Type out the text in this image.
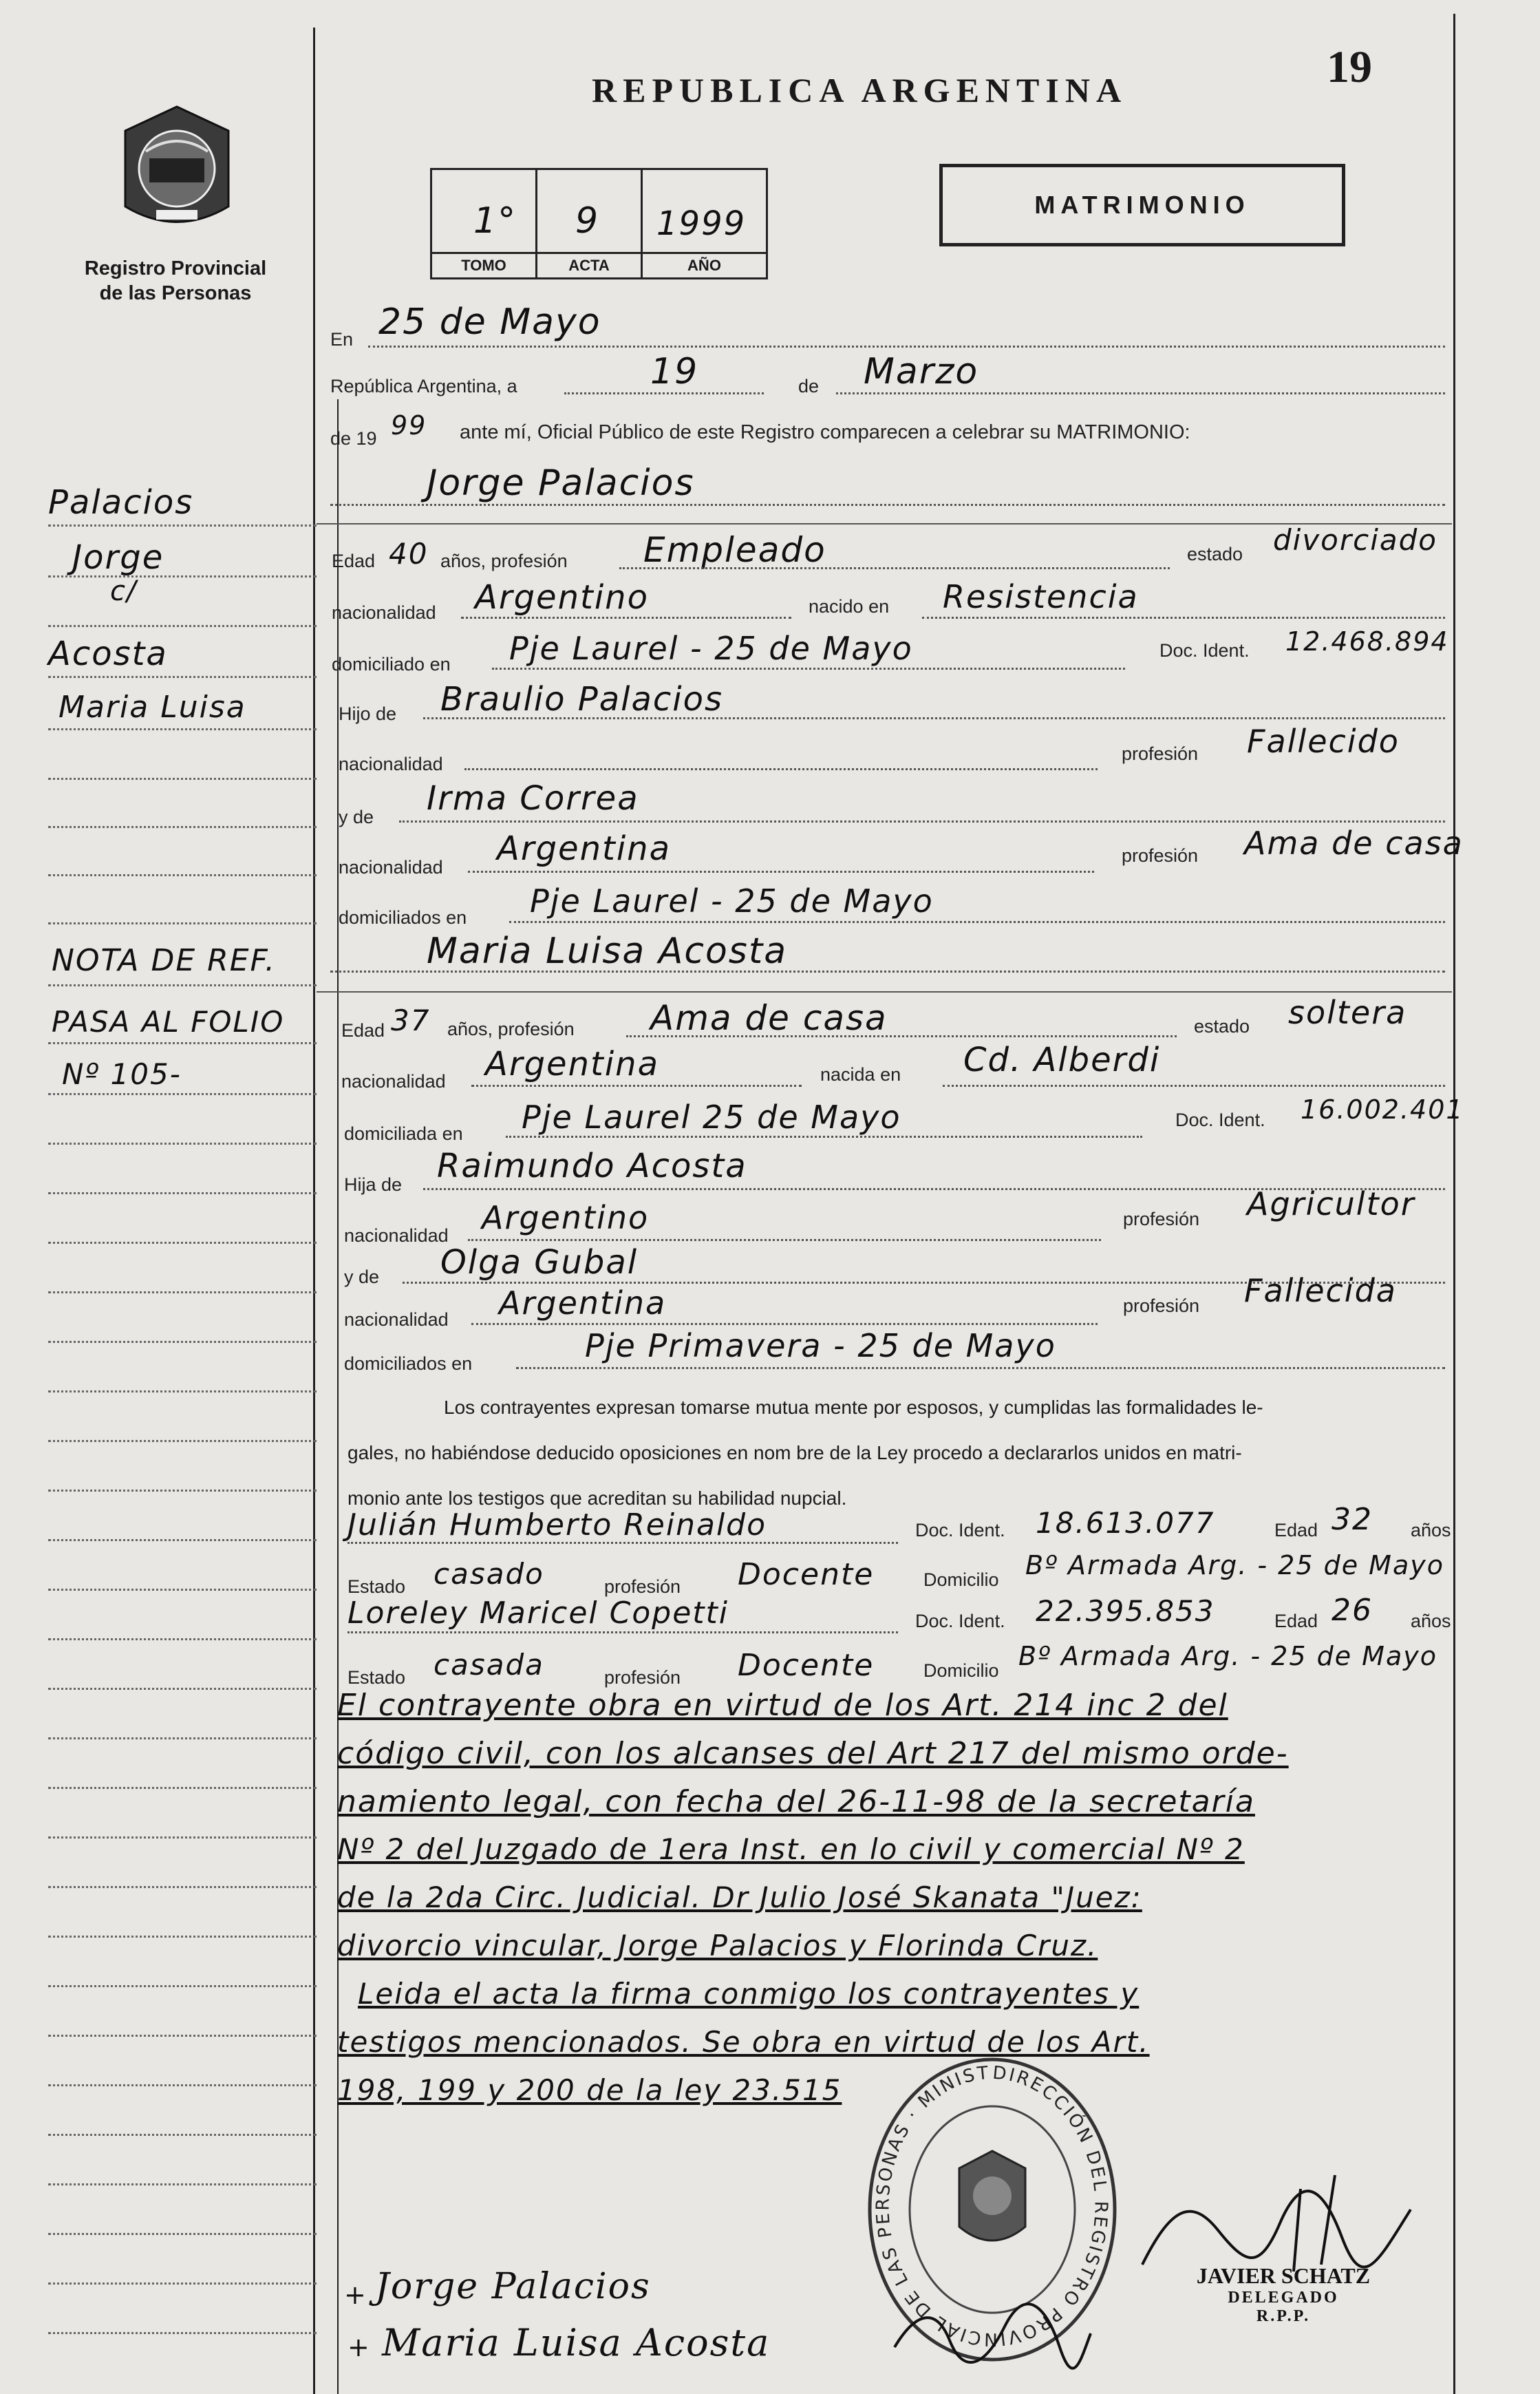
Registro Provincial
de las Personas
REPUBLICA ARGENTINA	19
1°
TOMO
9
ACTA
1999
AÑO
MATRIMONIO
En 25 de Mayo
República Argentina, a	19	de Marzo
de 19 99 ante mí, Oficial Público de este Registro comparecen a celebrar su MATRIMONIO:
Jorge Palacios
Edad 40 años, profesión Empleado	estado divorciado
nacionalidad Argentino	nacido en Resistencia
domiciliado en Pje Laurel - 25 de Mayo	Doc. Ident. 12.468.894
Hijo de Braulio Palacios
nacionalidad	profesión Fallecido
y de Irma Correa
nacionalidad Argentina	profesión Ama de casa
domiciliados en Pje Laurel - 25 de Mayo
Maria Luisa Acosta
Edad 37 años, profesión Ama de casa	estado soltera
nacionalidad Argentina	nacida en Cd. Alberdi
domiciliada en Pje Laurel 25 de Mayo	Doc. Ident. 16.002.401
Hija de Raimundo Acosta
nacionalidad Argentino	profesión Agricultor
y de Olga Gubal
nacionalidad Argentina	profesión Fallecida
domiciliados en	Pje Primavera - 25 de Mayo
Los contrayentes expresan tomarse mutua mente por esposos, y cumplidas las formalidades le-
gales, no habiéndose deducido oposiciones en nom bre de la Ley procedo a declararlos unidos en matri-
monio ante los testigos que acreditan su habilidad nupcial.
Julián Humberto Reinaldo	Doc. Ident. 18.613.077	Edad 32 años
Estado casado	profesión Docente	Domicilio Bº Armada Arg. - 25 de Mayo
Loreley Maricel Copetti	Doc. Ident. 22.395.853	Edad 26 años
Estado casada	profesión Docente	Domicilio Bº Armada Arg. - 25 de Mayo
El contrayente obra en virtud de los Art. 214 inc 2 del
código civil, con los alcanses del Art 217 del mismo orde-
namiento legal, con fecha del 26-11-98 de la secretaría
Nº 2 del Juzgado de 1era Inst. en lo civil y comercial Nº 2
de la 2da Circ. Judicial. Dr Julio José Skanata "Juez:
divorcio vincular, Jorge Palacios y Florinda Cruz.
Leida el acta la firma conmigo los contrayentes y
testigos mencionados. Se obra en virtud de los Art.
198, 199 y 200 de la ley 23.515
Palacios
Jorge
c/
Acosta
Maria Luisa
NOTA DE REF.
PASA AL FOLIO
Nº 105-
DIRECCIÓN DEL REGISTRO PROVINCIAL DE LAS PERSONAS · MINIST
JAVIER SCHATZ
DELEGADO
R.P.P.
+ Jorge Palacios
+ Maria Luisa Acosta
